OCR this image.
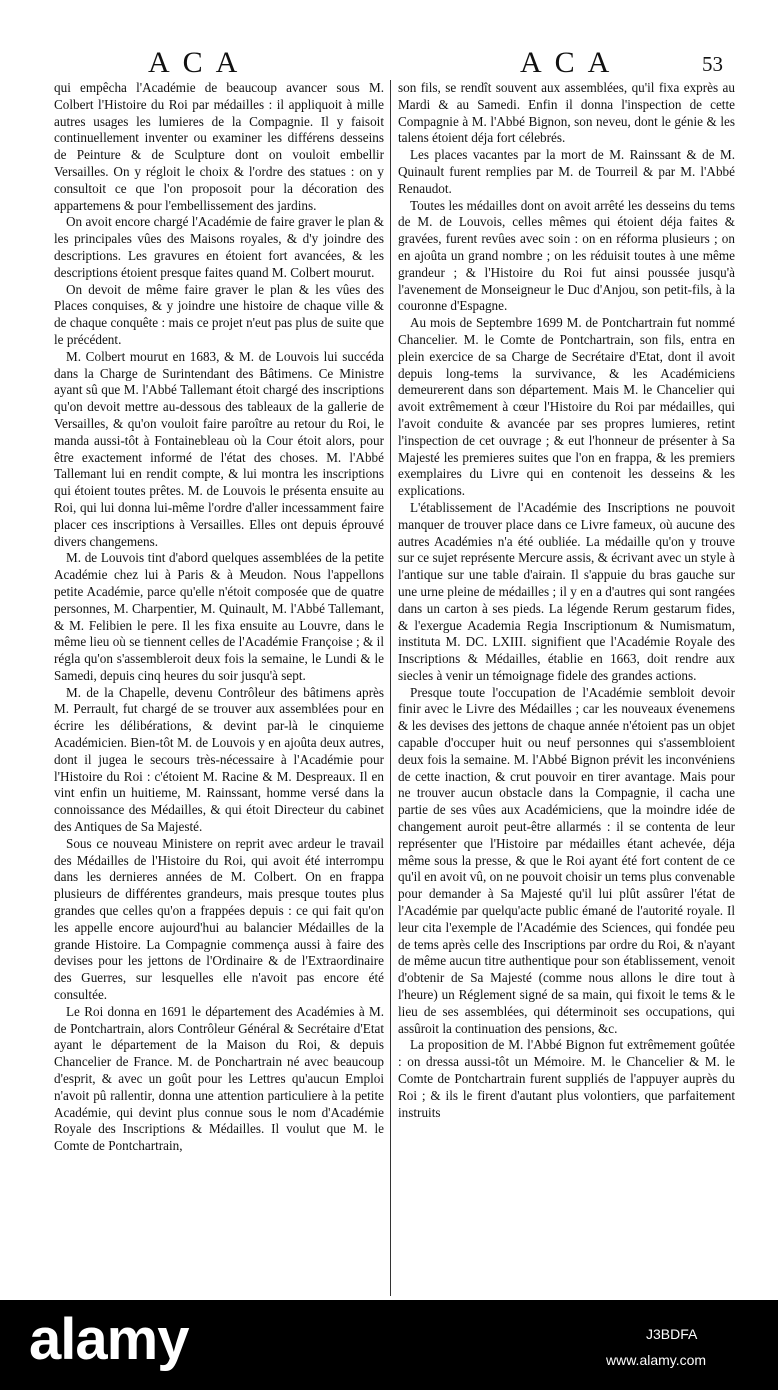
ACA	ACA	53

qui empêcha l'Académie de beaucoup avancer sous M. Colbert l'Histoire du Roi par médailles : il appliquoit à mille autres usages les lumieres de la Compagnie. Il y faisoit continuellement inventer ou examiner les différens desseins de Peinture & de Sculpture dont on vouloit embellir Versailles. On y régloit le choix & l'ordre des statues : on y consultoit ce que l'on proposoit pour la décoration des appartemens & pour l'embellissement des jardins.

On avoit encore chargé l'Académie de faire graver le plan & les principales vûes des Maisons royales, & d'y joindre des descriptions. Les gravures en étoient fort avancées, & les descriptions étoient presque faites quand M. Colbert mourut.

On devoit de même faire graver le plan & les vûes des Places conquises, & y joindre une histoire de chaque ville & de chaque conquête : mais ce projet n'eut pas plus de suite que le précédent.

M. Colbert mourut en 1683, & M. de Louvois lui succéda dans la Charge de Surintendant des Bâtimens. Ce Ministre ayant sû que M. l'Abbé Tallemant étoit chargé des inscriptions qu'on devoit mettre au-dessous des tableaux de la gallerie de Versailles, & qu'on vouloit faire paroître au retour du Roi, le manda aussi-tôt à Fontainebleau où la Cour étoit alors, pour être exactement informé de l'état des choses. M. l'Abbé Tallemant lui en rendit compte, & lui montra les inscriptions qui étoient toutes prêtes. M. de Louvois le présenta ensuite au Roi, qui lui donna lui-même l'ordre d'aller incessamment faire placer ces inscriptions à Versailles. Elles ont depuis éprouvé divers changemens.

M. de Louvois tint d'abord quelques assemblées de la petite Académie chez lui à Paris & à Meudon. Nous l'appellons petite Académie, parce qu'elle n'étoit composée que de quatre personnes, M. Charpentier, M. Quinault, M. l'Abbé Tallemant, & M. Felibien le pere. Il les fixa ensuite au Louvre, dans le même lieu où se tiennent celles de l'Académie Françoise ; & il régla qu'on s'assembleroit deux fois la semaine, le Lundi & le Samedi, depuis cinq heures du soir jusqu'à sept.

M. de la Chapelle, devenu Contrôleur des bâtimens après M. Perrault, fut chargé de se trouver aux assemblées pour en écrire les délibérations, & devint par-là le cinquieme Académicien. Bien-tôt M. de Louvois y en ajoûta deux autres, dont il jugea le secours très-nécessaire à l'Académie pour l'Histoire du Roi : c'étoient M. Racine & M. Despreaux. Il en vint enfin un huitieme, M. Rainssant, homme versé dans la connoissance des Médailles, & qui étoit Directeur du cabinet des Antiques de Sa Majesté.

Sous ce nouveau Ministere on reprit avec ardeur le travail des Médailles de l'Histoire du Roi, qui avoit été interrompu dans les dernieres années de M. Colbert. On en frappa plusieurs de différentes grandeurs, mais presque toutes plus grandes que celles qu'on a frappées depuis : ce qui fait qu'on les appelle encore aujourd'hui au balancier Médailles de la grande Histoire. La Compagnie commença aussi à faire des devises pour les jettons de l'Ordinaire & de l'Extraordinaire des Guerres, sur lesquelles elle n'avoit pas encore été consultée.

Le Roi donna en 1691 le département des Académies à M. de Pontchartrain, alors Contrôleur Général & Secrétaire d'Etat ayant le département de la Maison du Roi, & depuis Chancelier de France. M. de Ponchartrain né avec beaucoup d'esprit, & avec un goût pour les Lettres qu'aucun Emploi n'avoit pû rallentir, donna une attention particuliere à la petite Académie, qui devint plus connue sous le nom d'Académie Royale des Inscriptions & Médailles. Il voulut que M. le Comte de Pontchartrain,

son fils, se rendît souvent aux assemblées, qu'il fixa exprès au Mardi & au Samedi. Enfin il donna l'inspection de cette Compagnie à M. l'Abbé Bignon, son neveu, dont le génie & les talens étoient déja fort célebrés.

Les places vacantes par la mort de M. Rainssant & de M. Quinault furent remplies par M. de Tourreil & par M. l'Abbé Renaudot.

Toutes les médailles dont on avoit arrêté les desseins du tems de M. de Louvois, celles mêmes qui étoient déja faites & gravées, furent revûes avec soin : on en réforma plusieurs ; on en ajoûta un grand nombre ; on les réduisit toutes à une même grandeur ; & l'Histoire du Roi fut ainsi poussée jusqu'à l'avenement de Monseigneur le Duc d'Anjou, son petit-fils, à la couronne d'Espagne.

Au mois de Septembre 1699 M. de Pontchartrain fut nommé Chancelier. M. le Comte de Pontchartrain, son fils, entra en plein exercice de sa Charge de Secrétaire d'Etat, dont il avoit depuis long-tems la survivance, & les Académiciens demeurerent dans son département. Mais M. le Chancelier qui avoit extrêmement à cœur l'Histoire du Roi par médailles, qui l'avoit conduite & avancée par ses propres lumieres, retint l'inspection de cet ouvrage ; & eut l'honneur de présenter à Sa Majesté les premieres suites que l'on en frappa, & les premiers exemplaires du Livre qui en contenoit les desseins & les explications.

L'établissement de l'Académie des Inscriptions ne pouvoit manquer de trouver place dans ce Livre fameux, où aucune des autres Académies n'a été oubliée. La médaille qu'on y trouve sur ce sujet représente Mercure assis, & écrivant avec un style à l'antique sur une table d'airain. Il s'appuie du bras gauche sur une urne pleine de médailles ; il y en a d'autres qui sont rangées dans un carton à ses pieds. La légende Rerum gestarum fides, & l'exergue Academia Regia Inscriptionum & Numismatum, instituta M. DC. LXIII. signifient que l'Académie Royale des Inscriptions & Médailles, établie en 1663, doit rendre aux siecles à venir un témoignage fidele des grandes actions.

Presque toute l'occupation de l'Académie sembloit devoir finir avec le Livre des Médailles ; car les nouveaux évenemens & les devises des jettons de chaque année n'étoient pas un objet capable d'occuper huit ou neuf personnes qui s'assembloient deux fois la semaine. M. l'Abbé Bignon prévit les inconvéniens de cette inaction, & crut pouvoir en tirer avantage. Mais pour ne trouver aucun obstacle dans la Compagnie, il cacha une partie de ses vûes aux Académiciens, que la moindre idée de changement auroit peut-être allarmés : il se contenta de leur représenter que l'Histoire par médailles étant achevée, déja même sous la presse, & que le Roi ayant été fort content de ce qu'il en avoit vû, on ne pouvoit choisir un tems plus convenable pour demander à Sa Majesté qu'il lui plût assûrer l'état de l'Académie par quelqu'acte public émané de l'autorité royale. Il leur cita l'exemple de l'Académie des Sciences, qui fondée peu de tems après celle des Inscriptions par ordre du Roi, & n'ayant de même aucun titre authentique pour son établissement, venoit d'obtenir de Sa Majesté (comme nous allons le dire tout à l'heure) un Réglement signé de sa main, qui fixoit le tems & le lieu de ses assemblées, qui déterminoit ses occupations, qui assûroit la continuation des pensions, &c.

La proposition de M. l'Abbé Bignon fut extrêmement goûtée : on dressa aussi-tôt un Mémoire. M. le Chancelier & M. le Comte de Pontchartrain furent suppliés de l'appuyer auprès du Roi ; & ils le firent d'autant plus volontiers, que parfaitement instruits

alamy	J3BDFA
www.alamy.com
